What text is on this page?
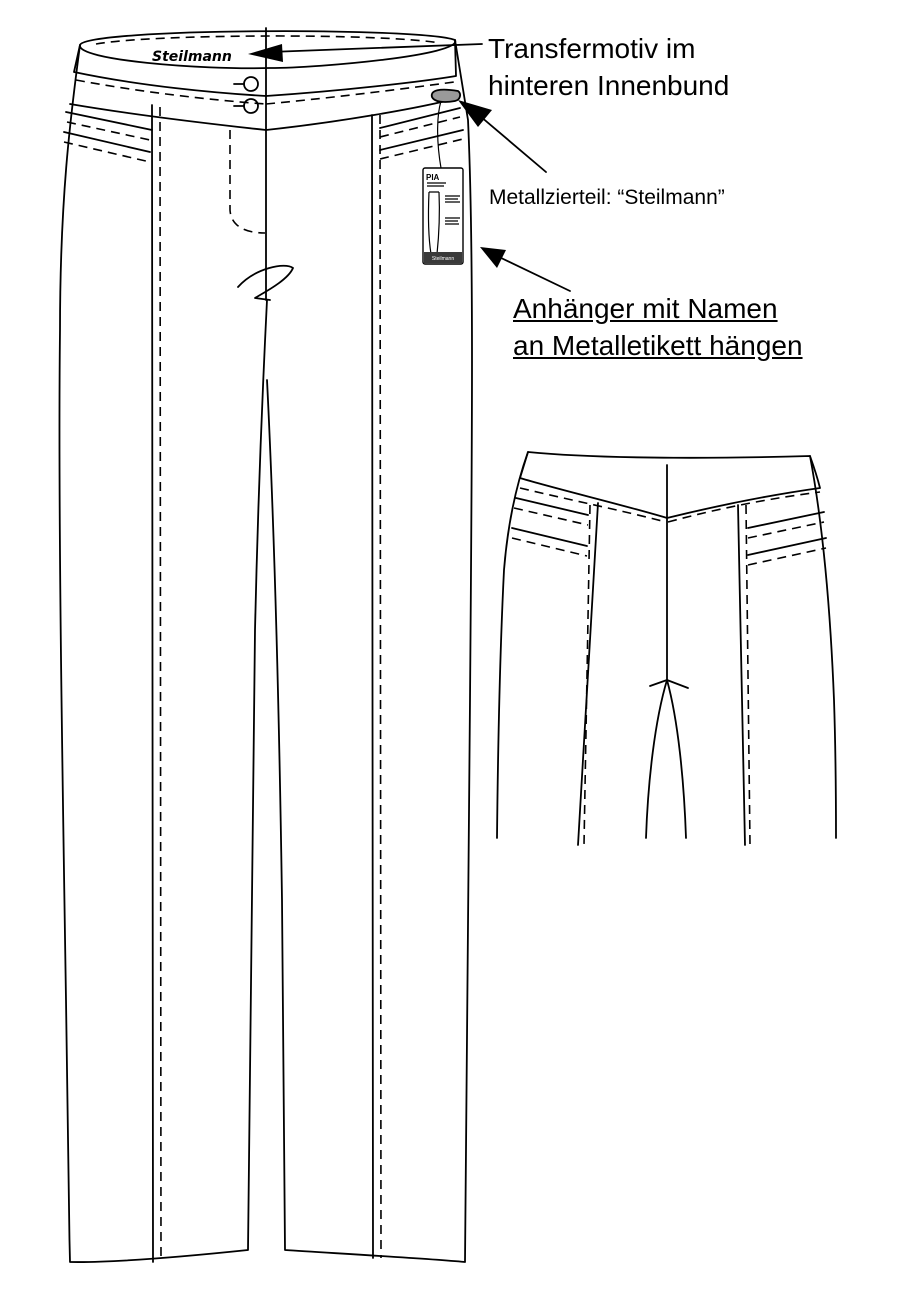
PIA
Steilmann
Steilmann	Transfermotiv im
hinteren Innenbund
Metallzierteil: “Steilmann”
Anhänger mit Namen
an Metalletikett hängen
